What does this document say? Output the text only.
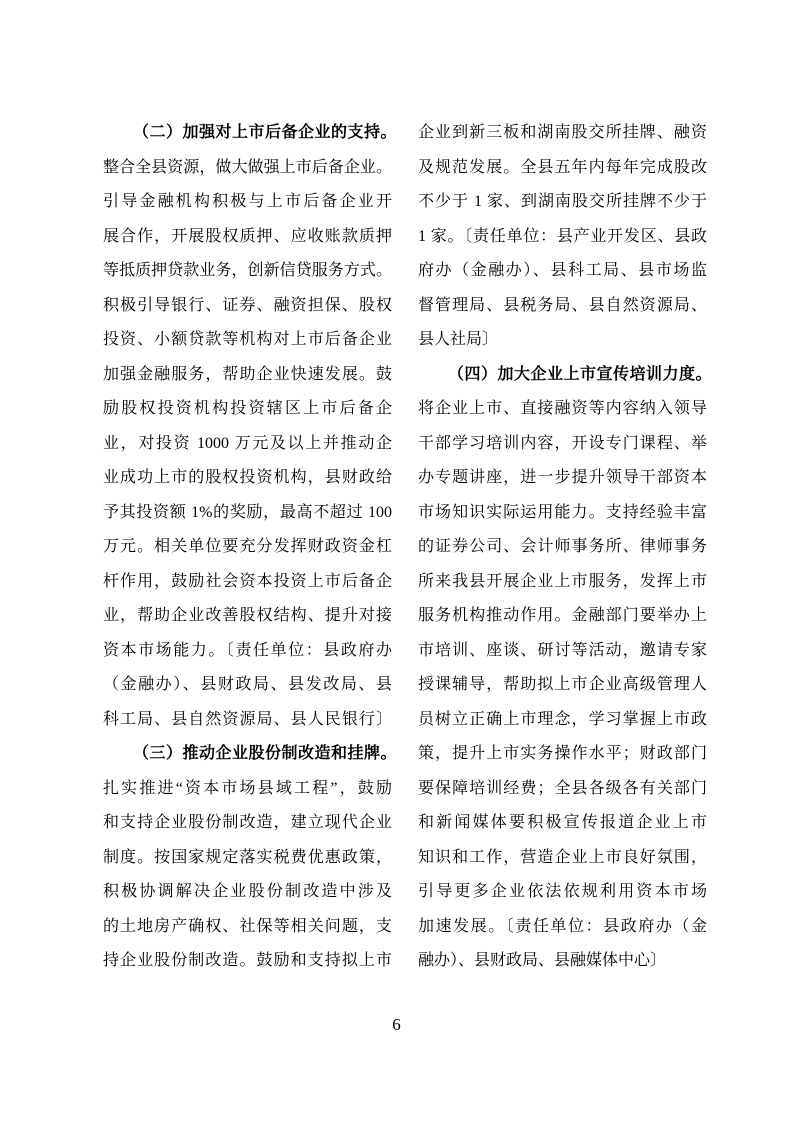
（二）加强对上市后备企业的支持。
整合全县资源，做大做强上市后备企业。
引导金融机构积极与上市后备企业开
展合作，开展股权质押、应收账款质押
等抵质押贷款业务，创新信贷服务方式。
积极引导银行、证券、融资担保、股权
投资、小额贷款等机构对上市后备企业
加强金融服务，帮助企业快速发展。鼓
励股权投资机构投资辖区上市后备企
业，对投资 1000 万元及以上并推动企
业成功上市的股权投资机构，县财政给
予其投资额 1%的奖励，最高不超过 100
万元。相关单位要充分发挥财政资金杠
杆作用，鼓励社会资本投资上市后备企
业，帮助企业改善股权结构、提升对接
资本市场能力。〔责任单位：县政府办
（金融办）、县财政局、县发改局、县
科工局、县自然资源局、县人民银行〕
（三）推动企业股份制改造和挂牌。
扎实推进“资本市场县域工程”，鼓励
和支持企业股份制改造，建立现代企业
制度。按国家规定落实税费优惠政策，
积极协调解决企业股份制改造中涉及
的土地房产确权、社保等相关问题，支
持企业股份制改造。鼓励和支持拟上市
企业到新三板和湖南股交所挂牌、融资
及规范发展。全县五年内每年完成股改
不少于 1 家、到湖南股交所挂牌不少于
1 家。〔责任单位：县产业开发区、县政
府办（金融办）、县科工局、县市场监
督管理局、县税务局、县自然资源局、
县人社局〕
（四）加大企业上市宣传培训力度。
将企业上市、直接融资等内容纳入领导
干部学习培训内容，开设专门课程、举
办专题讲座，进一步提升领导干部资本
市场知识实际运用能力。支持经验丰富
的证券公司、会计师事务所、律师事务
所来我县开展企业上市服务，发挥上市
服务机构推动作用。金融部门要举办上
市培训、座谈、研讨等活动，邀请专家
授课辅导，帮助拟上市企业高级管理人
员树立正确上市理念，学习掌握上市政
策，提升上市实务操作水平；财政部门
要保障培训经费；全县各级各有关部门
和新闻媒体要积极宣传报道企业上市
知识和工作，营造企业上市良好氛围，
引导更多企业依法依规利用资本市场
加速发展。〔责任单位：县政府办（金
融办）、县财政局、县融媒体中心〕
6
